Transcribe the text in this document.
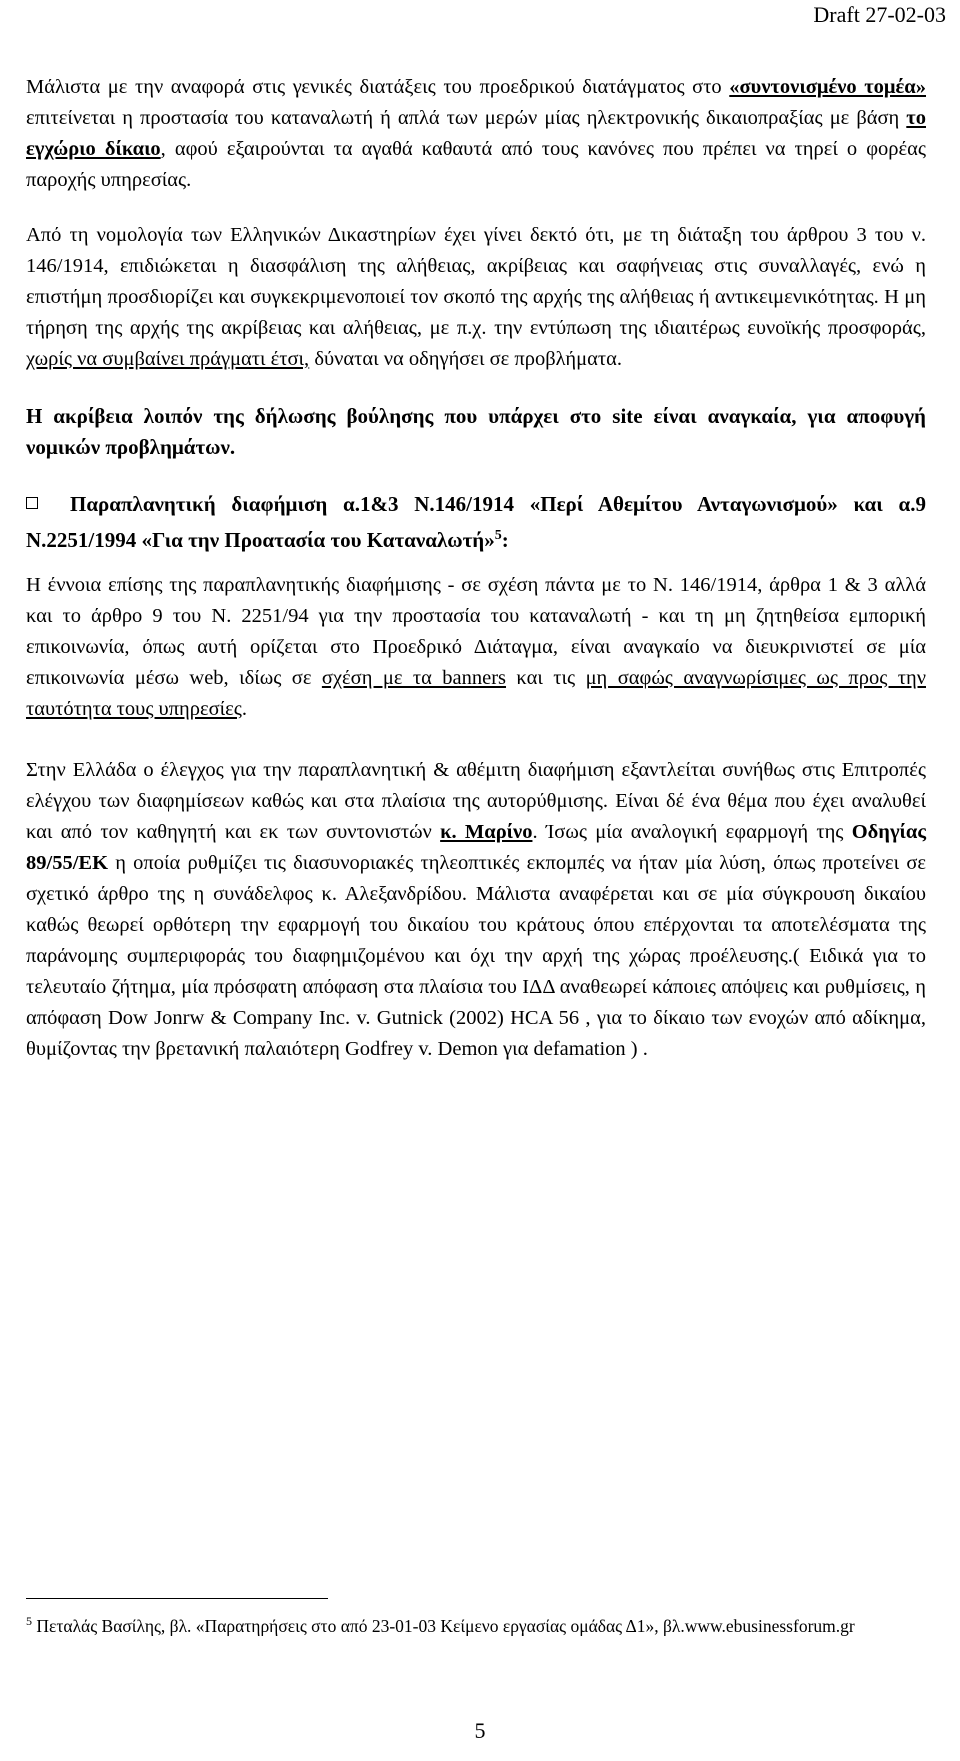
Draft 27-02-03

Μάλιστα με την αναφορά στις γενικές διατάξεις του προεδρικού διατάγματος στο «συντονισμένο τομέα» επιτείνεται η προστασία του καταναλωτή ή απλά των μερών μίας ηλεκτρονικής δικαιοπραξίας με βάση το εγχώριο δίκαιο, αφού εξαιρούνται τα αγαθά καθαυτά από τους κανόνες που πρέπει να τηρεί ο φορέας παροχής υπηρεσίας.

Από τη νομολογία των Ελληνικών Δικαστηρίων έχει γίνει δεκτό ότι, με τη διάταξη του άρθρου 3 του ν. 146/1914, επιδιώκεται η διασφάλιση της αλήθειας, ακρίβειας και σαφήνειας στις συναλλαγές, ενώ η επιστήμη προσδιορίζει και συγκεκριμενοποιεί τον σκοπό της αρχής της αλήθειας ή αντικειμενικότητας. Η μη τήρηση της αρχής της ακρίβειας και αλήθειας, με π.χ. την εντύπωση της ιδιαιτέρως ευνοϊκής προσφοράς, χωρίς να συμβαίνει πράγματι έτσι, δύναται να οδηγήσει σε προβλήματα.

Η ακρίβεια λοιπόν της δήλωσης βούλησης που υπάρχει στο site είναι αναγκαία, για αποφυγή νομικών προβλημάτων.

Παραπλανητική διαφήμιση α.1&3 Ν.146/1914 «Περί Αθεμίτου Ανταγωνισμού» και α.9 Ν.2251/1994 «Για την Προατασία του Καταναλωτή»$^5$:

Η έννοια επίσης της παραπλανητικής διαφήμισης - σε σχέση πάντα με το Ν. 146/1914, άρθρα 1 & 3 αλλά και το άρθρο 9 του Ν. 2251/94 για την προστασία του καταναλωτή - και τη μη ζητηθείσα εμπορική επικοινωνία, όπως αυτή ορίζεται στο Προεδρικό Διάταγμα, είναι αναγκαίο να διευκρινιστεί σε μία επικοινωνία μέσω web, ιδίως σε σχέση με τα banners και τις μη σαφώς αναγνωρίσιμες ως προς την ταυτότητα τους υπηρεσίες.

Στην Ελλάδα ο έλεγχος για την παραπλανητική & αθέμιτη διαφήμιση εξαντλείται συνήθως στις Επιτροπές ελέγχου των διαφημίσεων καθώς και στα πλαίσια της αυτορύθμισης. Είναι δέ ένα θέμα που έχει αναλυθεί και από τον καθηγητή και εκ των συντονιστών κ. Μαρίνο. Ίσως μία αναλογική εφαρμογή της Οδηγίας 89/55/ΕΚ η οποία ρυθμίζει τις διασυνοριακές τηλεοπτικές εκπομπές να ήταν μία λύση, όπως προτείνει σε σχετικό άρθρο της η συνάδελφος κ. Αλεξανδρίδου. Μάλιστα αναφέρεται και σε μία σύγκρουση δικαίου καθώς θεωρεί ορθότερη την εφαρμογή του δικαίου του κράτους όπου επέρχονται τα αποτελέσματα της παράνομης συμπεριφοράς του διαφημιζομένου και όχι την αρχή της χώρας προέλευσης.( Ειδικά για το τελευταίο ζήτημα, μία πρόσφατη απόφαση στα πλαίσια του ΙΔΔ αναθεωρεί κάποιες απόψεις και ρυθμίσεις, η απόφαση Dow Jonrw & Company Inc. v. Gutnick (2002) HCA 56 , για το δίκαιο των ενοχών από αδίκημα, θυμίζοντας την βρετανική παλαιότερη Godfrey v. Demon για defamation ) .

$^5$ Πεταλάς Βασίλης, βλ. «Παρατηρήσεις στο από 23-01-03 Κείμενο εργασίας ομάδας Δ1», βλ.www.ebusinessforum.gr
5
